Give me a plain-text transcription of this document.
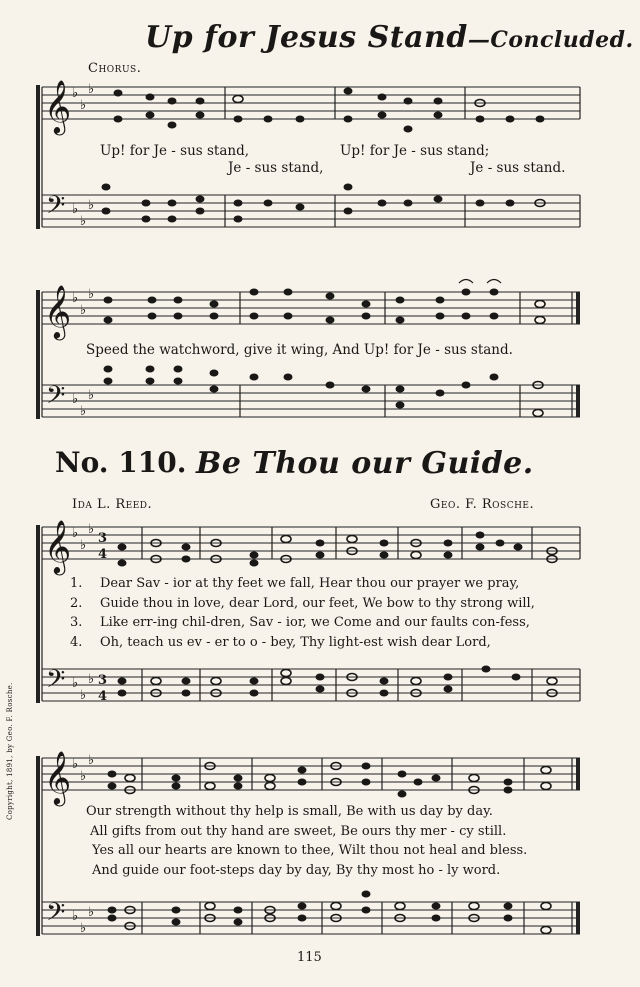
Up for Jesus Stand—Concluded.
Chorus.
𝄞
𝄢
♭
♭
♭
♭
♭
♭
𝄞
𝄢
♭
♭
♭
♭
♭
♭
𝄞
𝄢
♭
♭
♭
♭
♭
♭
3
4
3
4
𝄞
𝄢
♭
♭
♭
♭
♭
♭
Up! for Je - sus stand,	Up! for Je - sus stand;
Je - sus stand,	Je - sus stand.
Speed the watchword, give it wing, And Up! for Je - sus stand.
No. 110. Be Thou our Guide.
Ida L. Reed.	Geo. F. Rosche.
1. Dear Sav - ior at thy feet we fall, Hear thou our prayer we pray,
2. Guide thou in love, dear Lord, our feet, We bow to thy strong will,
3. Like err-ing chil-dren, Sav - ior, we Come and our faults con-fess,
4. Oh, teach us ev - er to o - bey, Thy light-est wish dear Lord,
Our strength without thy help is small, Be with us day by day.
All gifts from out thy hand are sweet, Be ours thy mer - cy still.
Yes all our hearts are known to thee, Wilt thou not heal and bless.
And guide our foot-steps day by day, By thy most ho - ly word.
Copyright, 1891, by Geo. F. Rosche.
115
